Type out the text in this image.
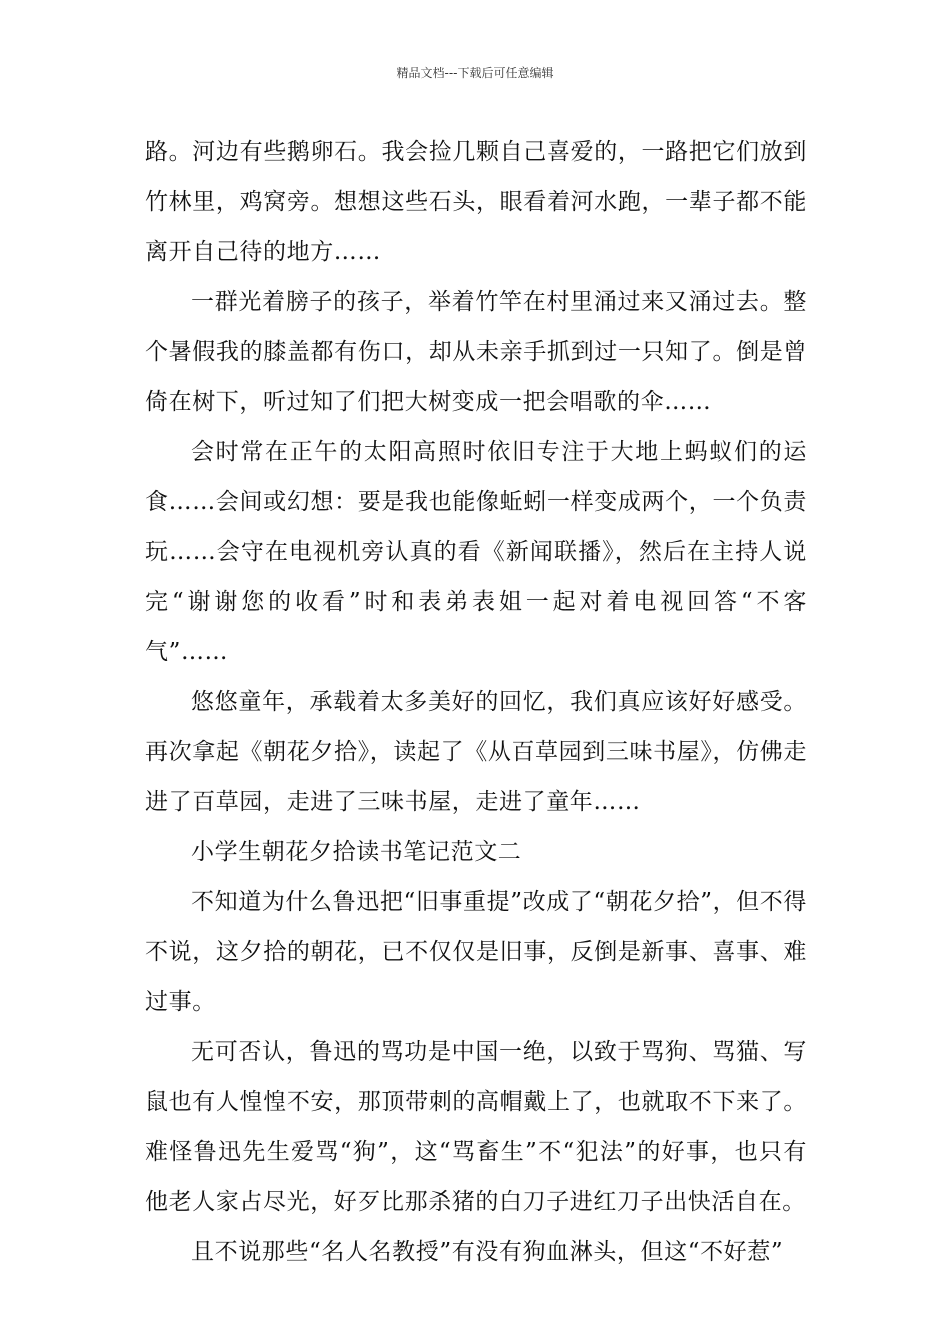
精品文档---下载后可任意编辑

路。河边有些鹅卵石。我会捡几颗自己喜爱的，一路把它们放到竹林里，鸡窝旁。想想这些石头，眼看着河水跑，一辈子都不能离开自己待的地方……

一群光着膀子的孩子，举着竹竿在村里涌过来又涌过去。整个暑假我的膝盖都有伤口，却从未亲手抓到过一只知了。倒是曾倚在树下，听过知了们把大树变成一把会唱歌的伞……

会时常在正午的太阳高照时依旧专注于大地上蚂蚁们的运食……会间或幻想：要是我也能像蚯蚓一样变成两个，一个负责玩……会守在电视机旁认真的看《新闻联播》，然后在主持人说完“谢谢您的收看”时和表弟表姐一起对着电视回答“不客气”……

悠悠童年，承载着太多美好的回忆，我们真应该好好感受。再次拿起《朝花夕拾》，读起了《从百草园到三味书屋》，仿佛走进了百草园，走进了三味书屋，走进了童年……

小学生朝花夕拾读书笔记范文二

不知道为什么鲁迅把“旧事重提”改成了“朝花夕拾”，但不得不说，这夕拾的朝花，已不仅仅是旧事，反倒是新事、喜事、难过事。

无可否认，鲁迅的骂功是中国一绝，以致于骂狗、骂猫、写鼠也有人惶惶不安，那顶带刺的高帽戴上了，也就取不下来了。难怪鲁迅先生爱骂“狗”，这“骂畜生”不“犯法”的好事，也只有他老人家占尽光，好歹比那杀猪的白刀子进红刀子出快活自在。

且不说那些“名人名教授”有没有狗血淋头，但这“不好惹”
